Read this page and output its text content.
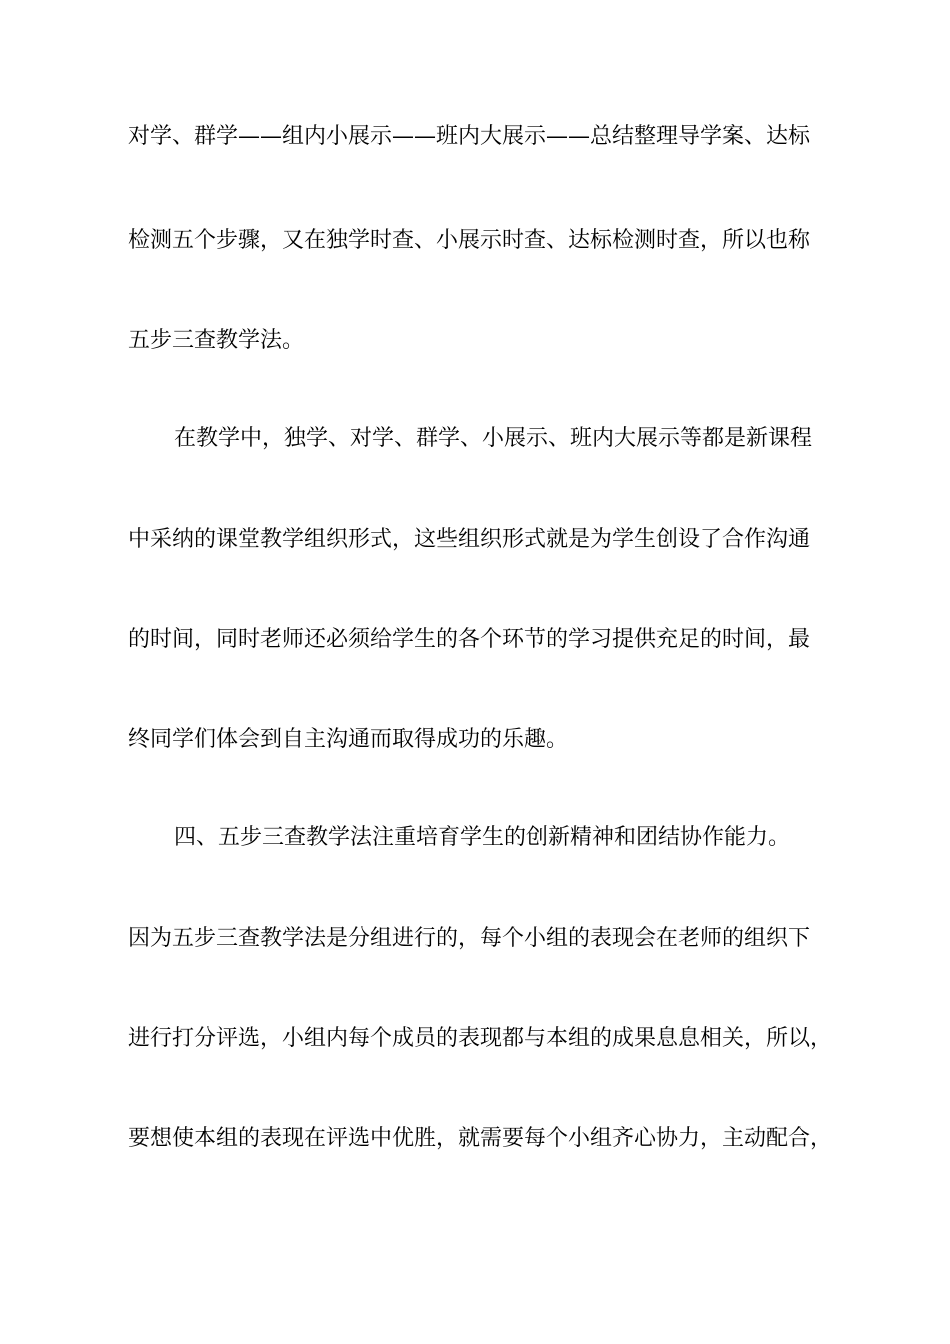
对学、群学——组内小展示——班内大展示——总结整理导学案、达标
检测五个步骤，又在独学时查、小展示时查、达标检测时查，所以也称
五步三查教学法。
在教学中，独学、对学、群学、小展示、班内大展示等都是新课程
中采纳的课堂教学组织形式，这些组织形式就是为学生创设了合作沟通
的时间，同时老师还必须给学生的各个环节的学习提供充足的时间，最
终同学们体会到自主沟通而取得成功的乐趣。
四、五步三查教学法注重培育学生的创新精神和团结协作能力。
因为五步三查教学法是分组进行的，每个小组的表现会在老师的组织下
进行打分评选，小组内每个成员的表现都与本组的成果息息相关，所以，
要想使本组的表现在评选中优胜，就需要每个小组齐心协力，主动配合，
